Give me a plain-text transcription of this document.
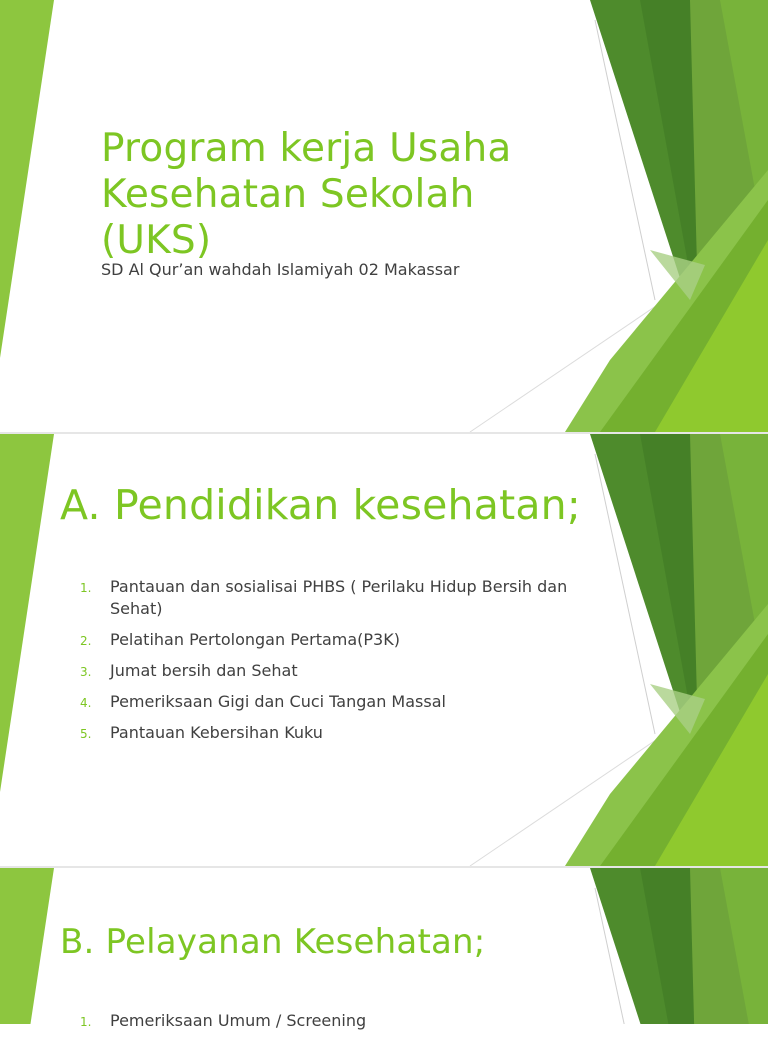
Program kerja Usaha Kesehatan Sekolah (UKS)

SD Al Qur’an wahdah Islamiyah 02 Makassar

A. Pendidikan kesehatan;
1. Pantauan dan sosialisai PHBS ( Perilaku Hidup Bersih dan Sehat)
2. Pelatihan Pertolongan Pertama(P3K)
3. Jumat bersih dan Sehat
4. Pemeriksaan Gigi dan Cuci Tangan Massal
5. Pantauan Kebersihan Kuku
B. Pelayanan Kesehatan;
1. Pemeriksaan Umum / Screening
